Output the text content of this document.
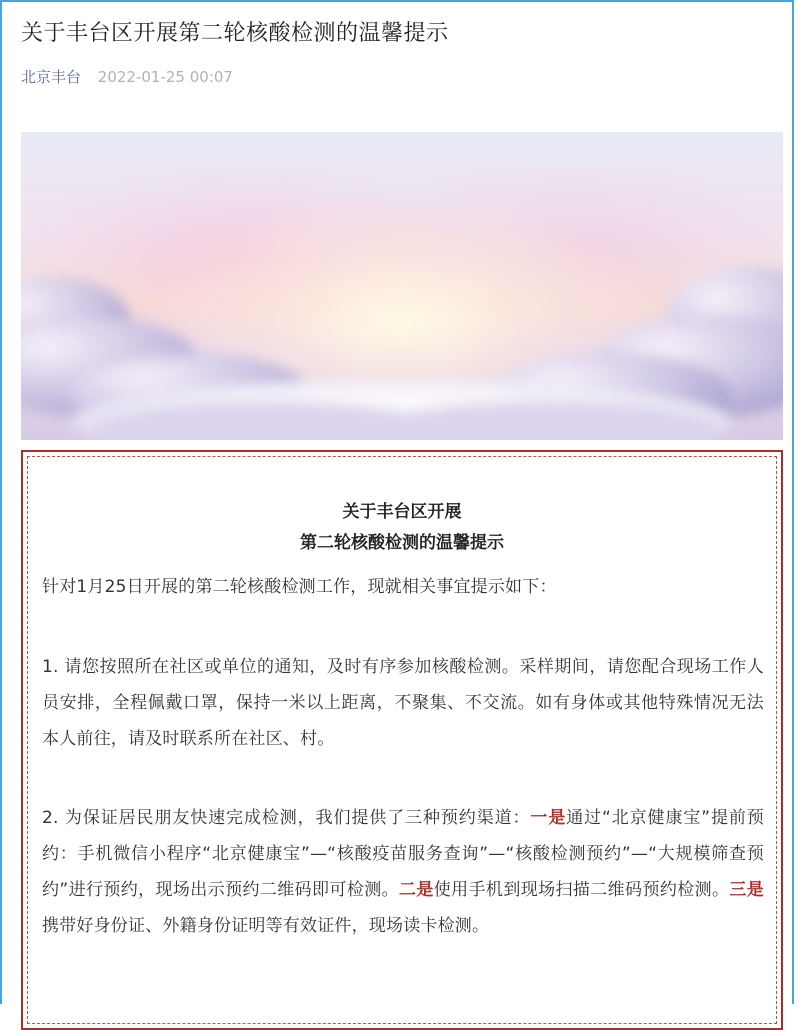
关于丰台区开展第二轮核酸检测的温馨提示
北京丰台 2022-01-25 00:07
关于丰台区开展
第二轮核酸检测的温馨提示
针对1月25日开展的第二轮核酸检测工作，现就相关事宜提示如下：
1. 请您按照所在社区或单位的通知，及时有序参加核酸检测。采样期间，请您配合现场工作人员安排，全程佩戴口罩，保持一米以上距离，不聚集、不交流。如有身体或其他特殊情况无法本人前往，请及时联系所在社区、村。
2. 为保证居民朋友快速完成检测，我们提供了三种预约渠道：一是通过“北京健康宝”提前预约：手机微信小程序“北京健康宝”—“核酸疫苗服务查询”—“核酸检测预约”—“大规模筛查预约”进行预约，现场出示预约二维码即可检测。二是使用手机到现场扫描二维码预约检测。三是携带好身份证、外籍身份证明等有效证件，现场读卡检测。
